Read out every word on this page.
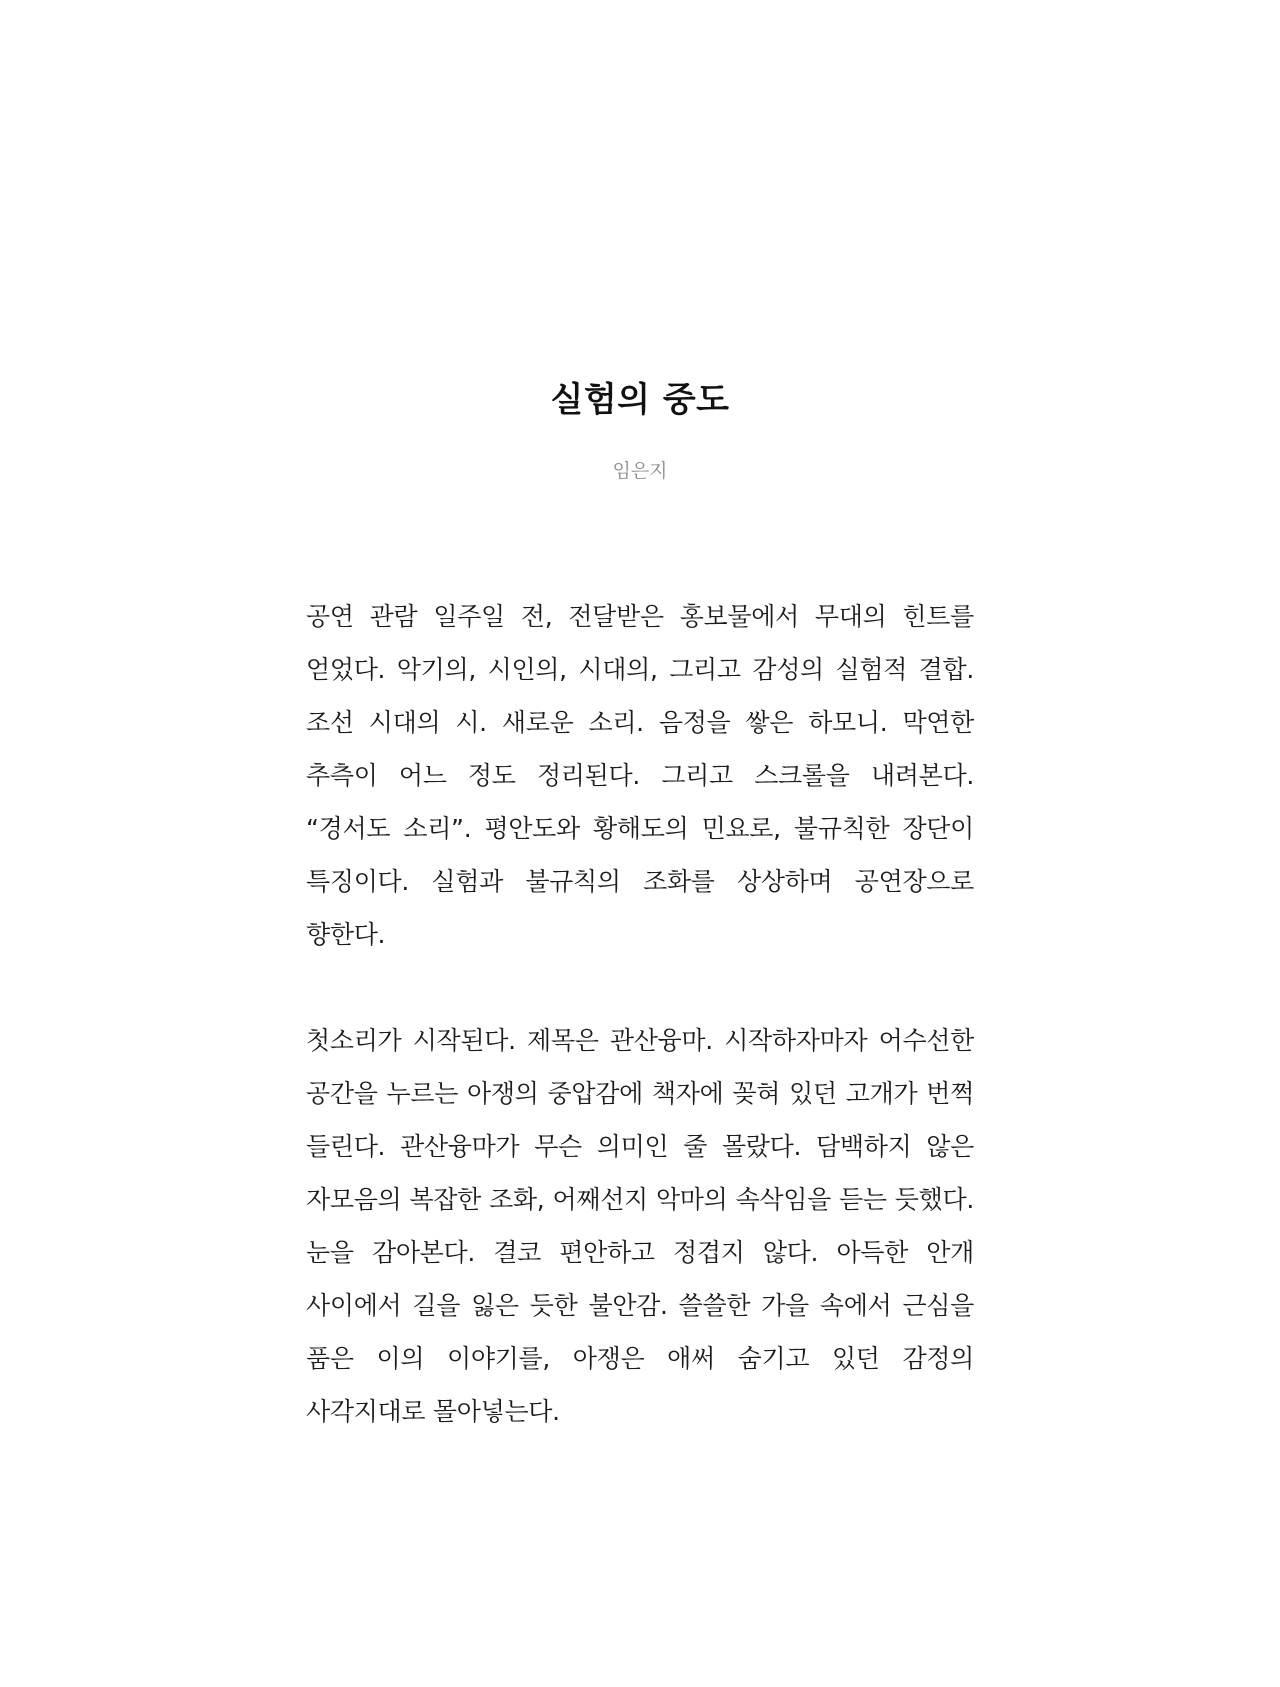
실험의 중도
임은지

공연 관람 일주일 전, 전달받은 홍보물에서 무대의 힌트를 얻었다. 악기의, 시인의, 시대의, 그리고 감성의 실험적 결합. 조선 시대의 시. 새로운 소리. 음정을 쌓은 하모니. 막연한 추측이 어느 정도 정리된다. 그리고 스크롤을 내려본다. “경서도 소리”. 평안도와 황해도의 민요로, 불규칙한 장단이 특징이다. 실험과 불규칙의 조화를 상상하며 공연장으로 향한다.

첫소리가 시작된다. 제목은 관산융마. 시작하자마자 어수선한 공간을 누르는 아쟁의 중압감에 책자에 꽂혀 있던 고개가 번쩍 들린다. 관산융마가 무슨 의미인 줄 몰랐다. 담백하지 않은 자모음의 복잡한 조화, 어째선지 악마의 속삭임을 듣는 듯했다. 눈을 감아본다. 결코 편안하고 정겹지 않다. 아득한 안개 사이에서 길을 잃은 듯한 불안감. 쓸쓸한 가을 속에서 근심을 품은 이의 이야기를, 아쟁은 애써 숨기고 있던 감정의 사각지대로 몰아넣는다.
